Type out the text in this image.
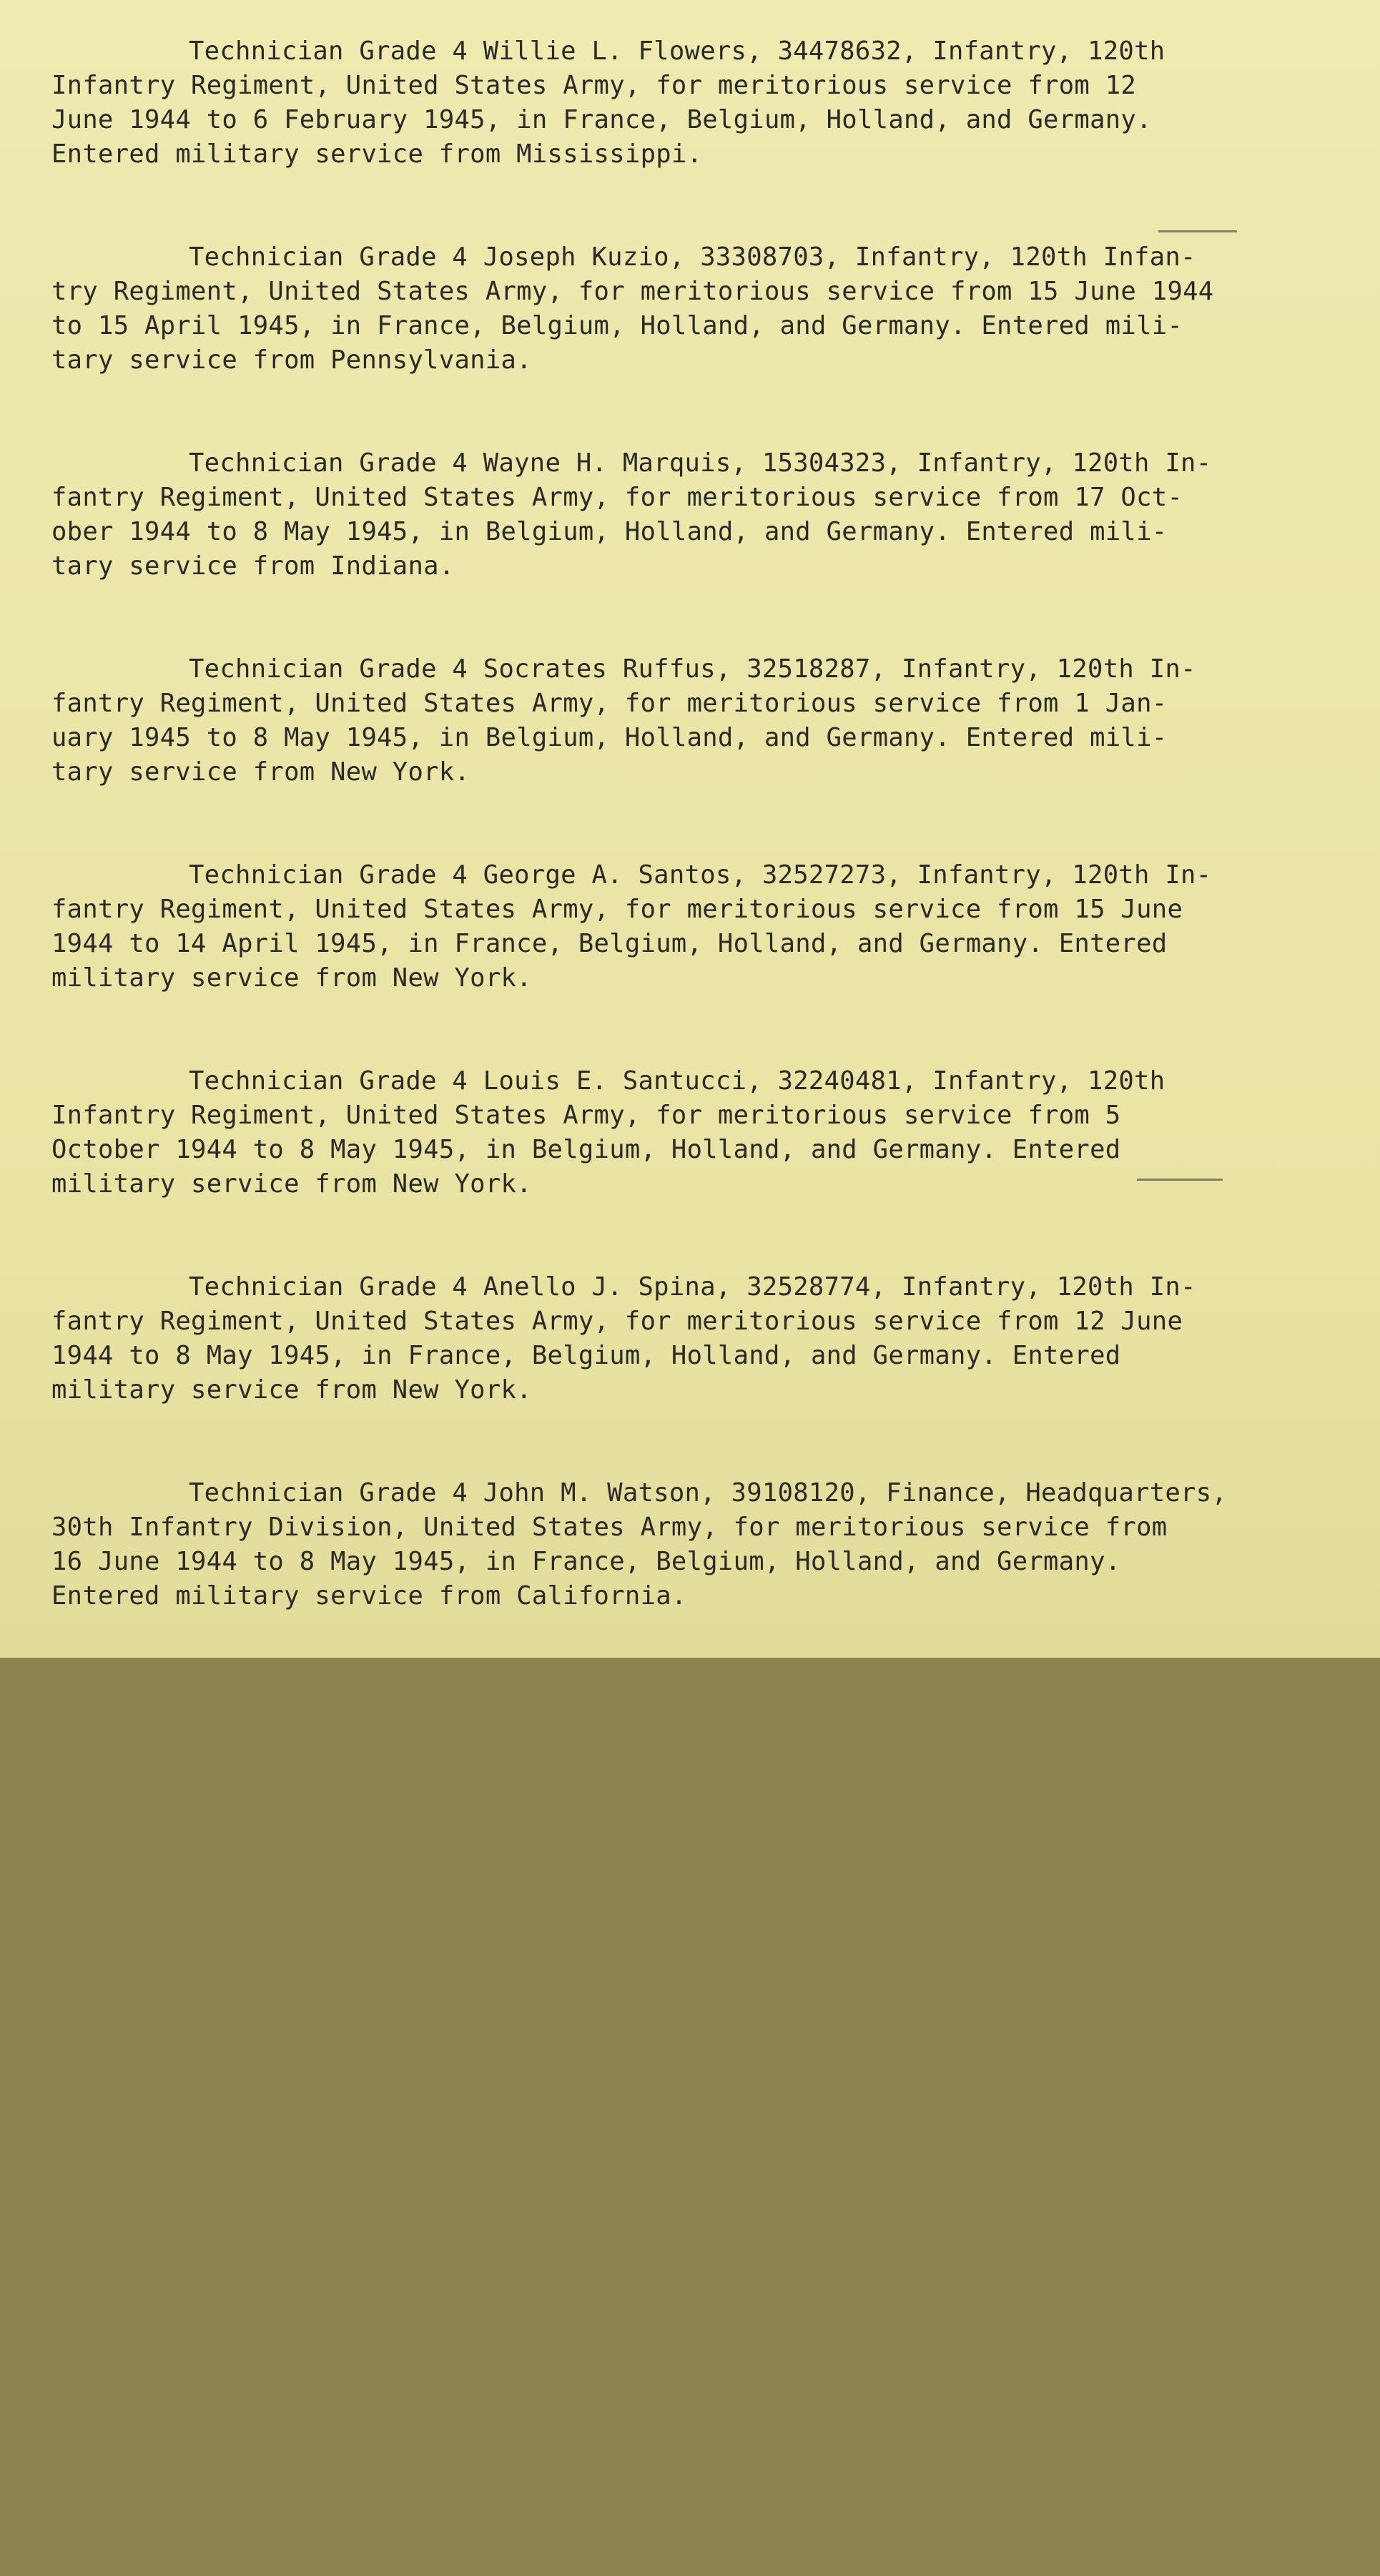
Technician Grade 4 Willie L. Flowers, 34478632, Infantry, 120th
Infantry Regiment, United States Army, for meritorious service from 12
June 1944 to 6 February 1945, in France, Belgium, Holland, and Germany.
Entered military service from Mississippi.
Technician Grade 4 Joseph Kuzio, 33308703, Infantry, 120th Infan-
try Regiment, United States Army, for meritorious service from 15 June 1944
to 15 April 1945, in France, Belgium, Holland, and Germany. Entered mili-
tary service from Pennsylvania.
Technician Grade 4 Wayne H. Marquis, 15304323, Infantry, 120th In-
fantry Regiment, United States Army, for meritorious service from 17 Oct-
ober 1944 to 8 May 1945, in Belgium, Holland, and Germany. Entered mili-
tary service from Indiana.
Technician Grade 4 Socrates Ruffus, 32518287, Infantry, 120th In-
fantry Regiment, United States Army, for meritorious service from 1 Jan-
uary 1945 to 8 May 1945, in Belgium, Holland, and Germany. Entered mili-
tary service from New York.
Technician Grade 4 George A. Santos, 32527273, Infantry, 120th In-
fantry Regiment, United States Army, for meritorious service from 15 June
1944 to 14 April 1945, in France, Belgium, Holland, and Germany. Entered
military service from New York.
Technician Grade 4 Louis E. Santucci, 32240481, Infantry, 120th
Infantry Regiment, United States Army, for meritorious service from 5
October 1944 to 8 May 1945, in Belgium, Holland, and Germany. Entered
military service from New York.
Technician Grade 4 Anello J. Spina, 32528774, Infantry, 120th In-
fantry Regiment, United States Army, for meritorious service from 12 June
1944 to 8 May 1945, in France, Belgium, Holland, and Germany. Entered
military service from New York.
Technician Grade 4 John M. Watson, 39108120, Finance, Headquarters,
30th Infantry Division, United States Army, for meritorious service from
16 June 1944 to 8 May 1945, in France, Belgium, Holland, and Germany.
Entered military service from California.
